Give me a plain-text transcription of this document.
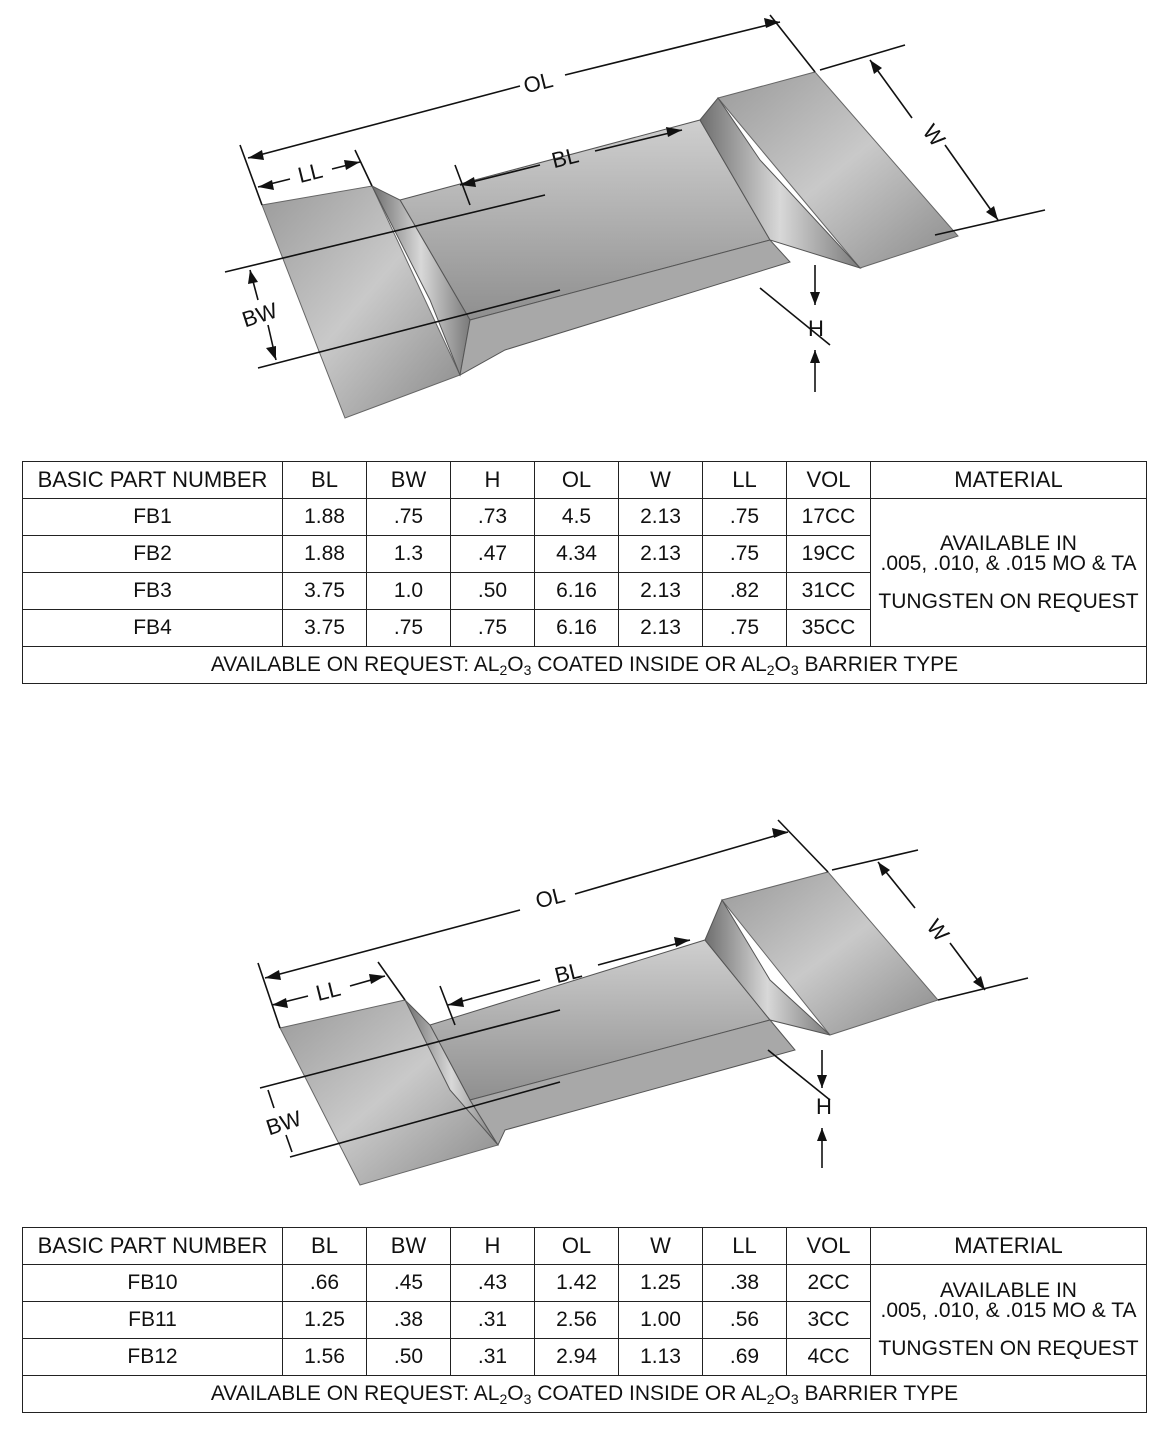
OL
BL
LL
W
BW	H
BASIC PART NUMBER	BL	BW	H	OL	W	LL	VOL	MATERIAL
FB1	1.88	.75	.73	4.5	2.13	.75	17CC	AVAILABLE IN
.005, .010, & .015 MO & TA
TUNGSTEN ON REQUEST
FB2	1.88	1.3	.47	4.34	2.13	.75	19CC	
FB3	3.75	1.0	.50	6.16	2.13	.82	31CC	
FB4	3.75	.75	.75	6.16	2.13	.75	35CC	
AVAILABLE ON REQUEST: $AL_2O_3$ COATED INSIDE OR $AL_2O_3$ BARRIER TYPE								
OL
BL
LL
W
BW	H
BASIC PART NUMBER	BL	BW	H	OL	W	LL	VOL	MATERIAL
FB10	.66	.45	.43	1.42	1.25	.38	2CC	AVAILABLE IN
.005, .010, & .015 MO & TA
TUNGSTEN ON REQUEST
FB11	1.25	.38	.31	2.56	1.00	.56	3CC	
FB12	1.56	.50	.31	2.94	1.13	.69	4CC	
AVAILABLE ON REQUEST: $AL_2O_3$ COATED INSIDE OR $AL_2O_3$ BARRIER TYPE								
